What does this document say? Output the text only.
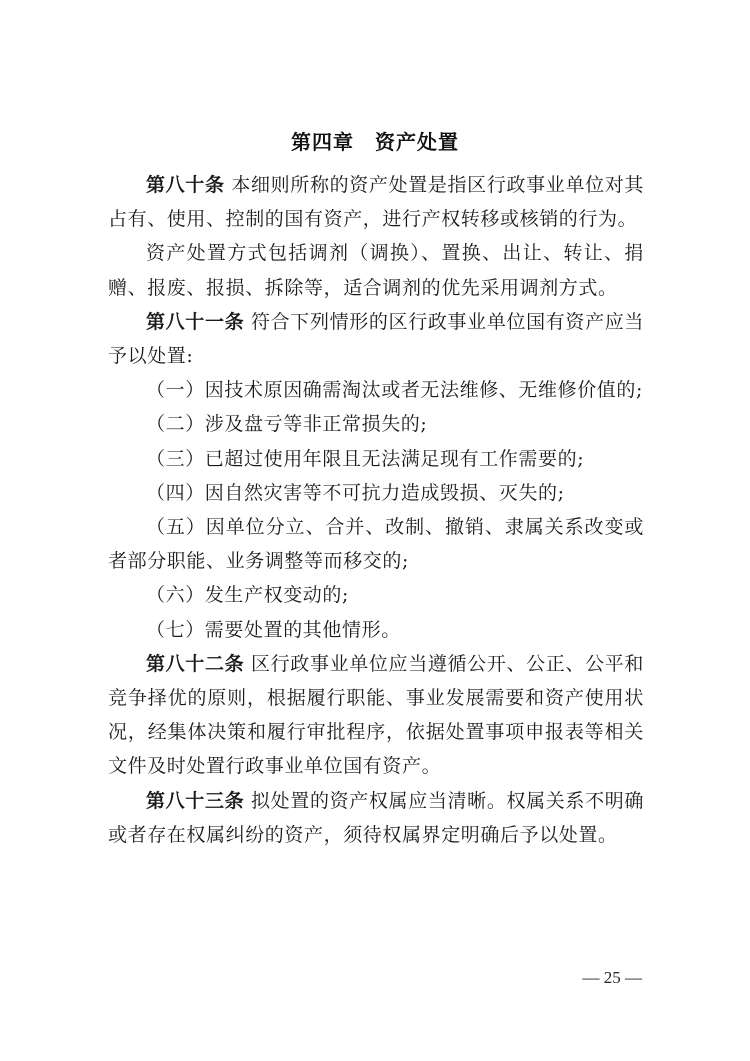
第四章　资产处置

第八十条 本细则所称的资产处置是指区行政事业单位对其占有、使用、控制的国有资产，进行产权转移或核销的行为。

资产处置方式包括调剂（调换）、置换、出让、转让、捐赠、报废、报损、拆除等，适合调剂的优先采用调剂方式。

第八十一条 符合下列情形的区行政事业单位国有资产应当予以处置:

（一）因技术原因确需淘汰或者无法维修、无维修价值的;

（二）涉及盘亏等非正常损失的;

（三）已超过使用年限且无法满足现有工作需要的;

（四）因自然灾害等不可抗力造成毁损、灭失的;

（五）因单位分立、合并、改制、撤销、隶属关系改变或者部分职能、业务调整等而移交的;

（六）发生产权变动的;

（七）需要处置的其他情形。

第八十二条 区行政事业单位应当遵循公开、公正、公平和竞争择优的原则，根据履行职能、事业发展需要和资产使用状况，经集体决策和履行审批程序，依据处置事项申报表等相关文件及时处置行政事业单位国有资产。

第八十三条 拟处置的资产权属应当清晰。权属关系不明确或者存在权属纠纷的资产，须待权属界定明确后予以处置。

— 25 —
